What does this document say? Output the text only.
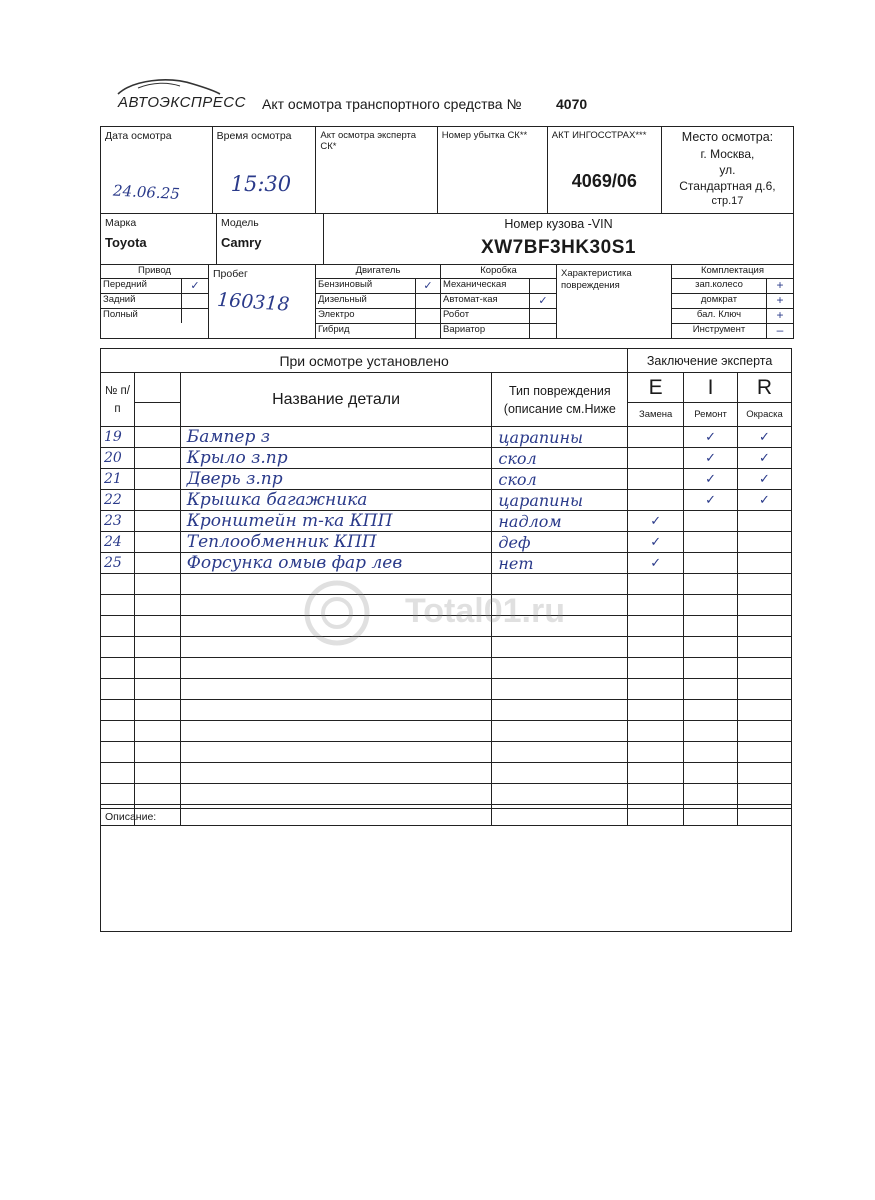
АВТОЭКСПРЕСС Акт осмотра транспортного средства № 4070
Дата осмотра
24.06.25

Время осмотра
15:30

Акт осмотра эксперта СК*

Номер убытка СК**	АКТ ИНГОССТРАХ***
4069/06

Место осмотра:
г. Москва,
ул.
Стандартная д.6,
стр.17
Марка
Toyota

Модель
Camry

Номер кузова -VIN
XW7BF3HK30S1
Привод
Передний	✓
Задний
Полный

Пробег
160318

Двигатель
Бензиновый	✓
Дизельный
Электро
Гибрид

Коробка
Механическая
Автомат-кая	✓
Робот
Вариатор

Характеристика повреждения

Комплектация
зап.колесо	+
домкрат	+
бал. Ключ	+
Инструмент	–
При осмотре установлено				Заключение эксперта		
№ п/п		Название детали	Тип повреждения (описание см.Ниже	E	I	R
				Замена	Ремонт	Окраска
19		Бампер з	царапины		✓	✓
20		Крыло з.пр	скол		✓	✓
21		Дверь з.пр	скол		✓	✓
22		Крышка багажника	царапины		✓	✓
23		Кронштейн т-ка КПП	надлом	✓		
24		Теплообменник КПП	деф	✓		
25		Форсунка омыв фар лев	нет	✓		

Total01.ru
Описание:
